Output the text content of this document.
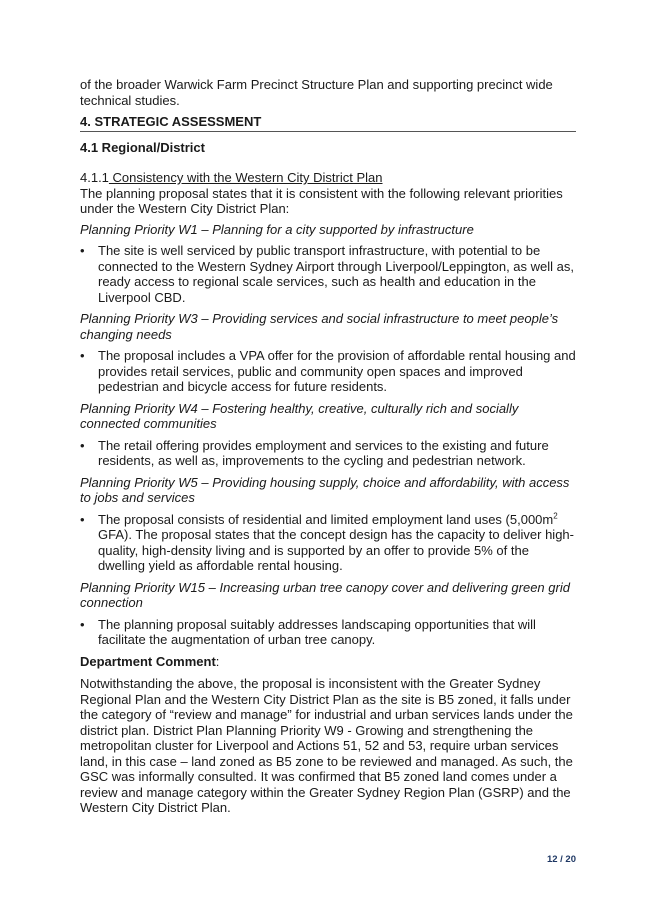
of the broader Warwick Farm Precinct Structure Plan and supporting precinct wide technical studies.

4. STRATEGIC ASSESSMENT
4.1 Regional/District
4.1.1 Consistency with the Western City District Plan

The planning proposal states that it is consistent with the following relevant priorities under the Western City District Plan:

Planning Priority W1 – Planning for a city supported by infrastructure

• The site is well serviced by public transport infrastructure, with potential to be connected to the Western Sydney Airport through Liverpool/Leppington, as well as, ready access to regional scale services, such as health and education in the Liverpool CBD.

Planning Priority W3 – Providing services and social infrastructure to meet people’s changing needs

• The proposal includes a VPA offer for the provision of affordable rental housing and provides retail services, public and community open spaces and improved pedestrian and bicycle access for future residents.

Planning Priority W4 – Fostering healthy, creative, culturally rich and socially connected communities

• The retail offering provides employment and services to the existing and future residents, as well as, improvements to the cycling and pedestrian network.

Planning Priority W5 – Providing housing supply, choice and affordability, with access to jobs and services

• The proposal consists of residential and limited employment land uses ($5,000m^2$ GFA). The proposal states that the concept design has the capacity to deliver high-quality, high-density living and is supported by an offer to provide 5% of the dwelling yield as affordable rental housing.

Planning Priority W15 – Increasing urban tree canopy cover and delivering green grid connection

• The planning proposal suitably addresses landscaping opportunities that will facilitate the augmentation of urban tree canopy.

Department Comment:

Notwithstanding the above, the proposal is inconsistent with the Greater Sydney Regional Plan and the Western City District Plan as the site is B5 zoned, it falls under the category of “review and manage” for industrial and urban services lands under the district plan. District Plan Planning Priority W9 - Growing and strengthening the metropolitan cluster for Liverpool and Actions 51, 52 and 53, require urban services land, in this case – land zoned as B5 zone to be reviewed and managed. As such, the GSC was informally consulted. It was confirmed that B5 zoned land comes under a review and manage category within the Greater Sydney Region Plan (GSRP) and the Western City District Plan.

12 / 20
